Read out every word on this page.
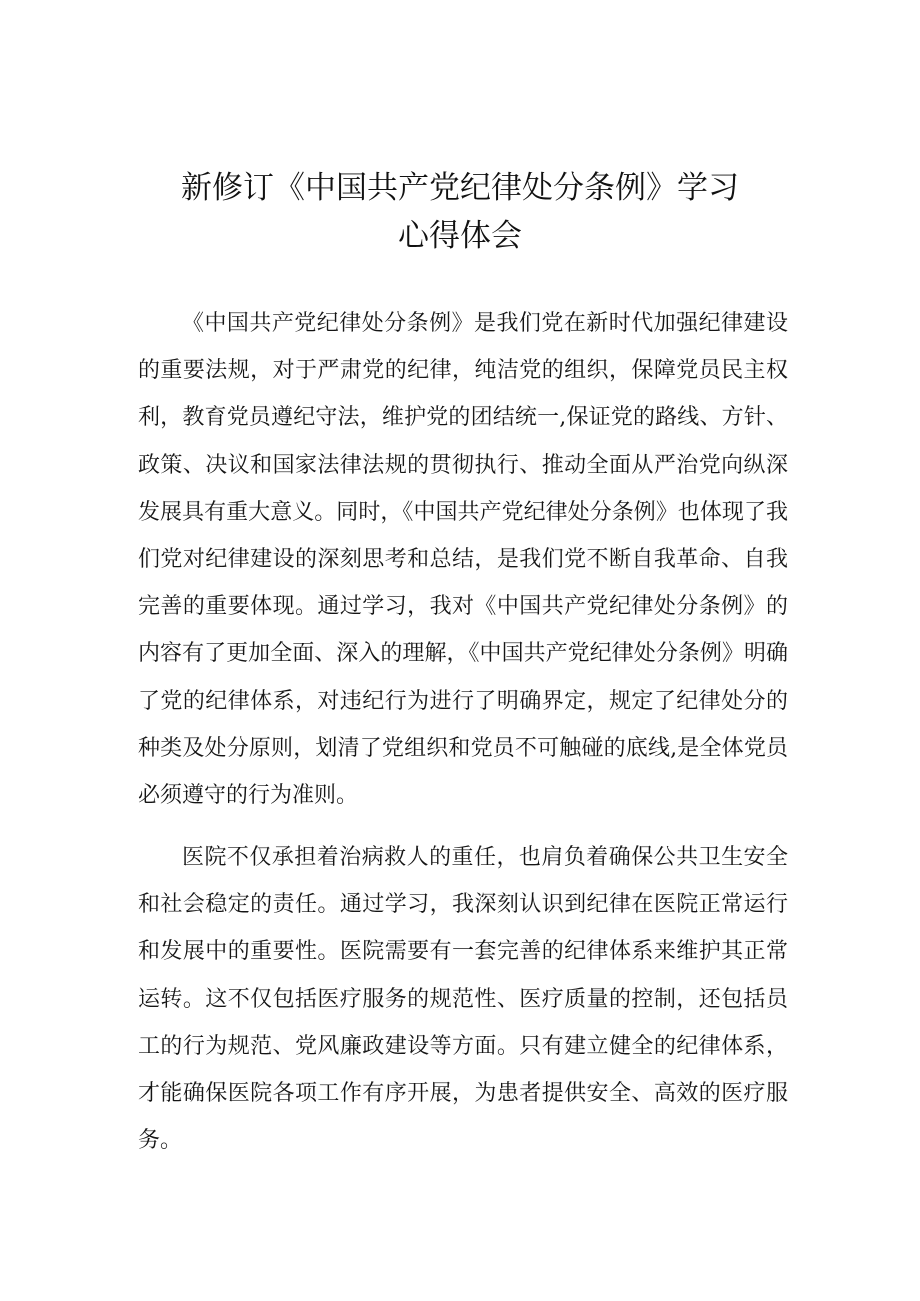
新修订《中国共产党纪律处分条例》学习
心得体会

《中国共产党纪律处分条例》是我们党在新时代加强纪律建设的重要法规，对于严肃党的纪律，纯洁党的组织，保障党员民主权利，教育党员遵纪守法，维护党的团结统一,保证党的路线、方针、政策、决议和国家法律法规的贯彻执行、推动全面从严治党向纵深发展具有重大意义。同时，《中国共产党纪律处分条例》也体现了我们党对纪律建设的深刻思考和总结，是我们党不断自我革命、自我完善的重要体现。通过学习，我对《中国共产党纪律处分条例》的内容有了更加全面、深入的理解，《中国共产党纪律处分条例》明确了党的纪律体系，对违纪行为进行了明确界定，规定了纪律处分的种类及处分原则，划清了党组织和党员不可触碰的底线,是全体党员必须遵守的行为准则。

医院不仅承担着治病救人的重任，也肩负着确保公共卫生安全和社会稳定的责任。通过学习，我深刻认识到纪律在医院正常运行和发展中的重要性。医院需要有一套完善的纪律体系来维护其正常运转。这不仅包括医疗服务的规范性、医疗质量的控制，还包括员工的行为规范、党风廉政建设等方面。只有建立健全的纪律体系，才能确保医院各项工作有序开展，为患者提供安全、高效的医疗服务。
